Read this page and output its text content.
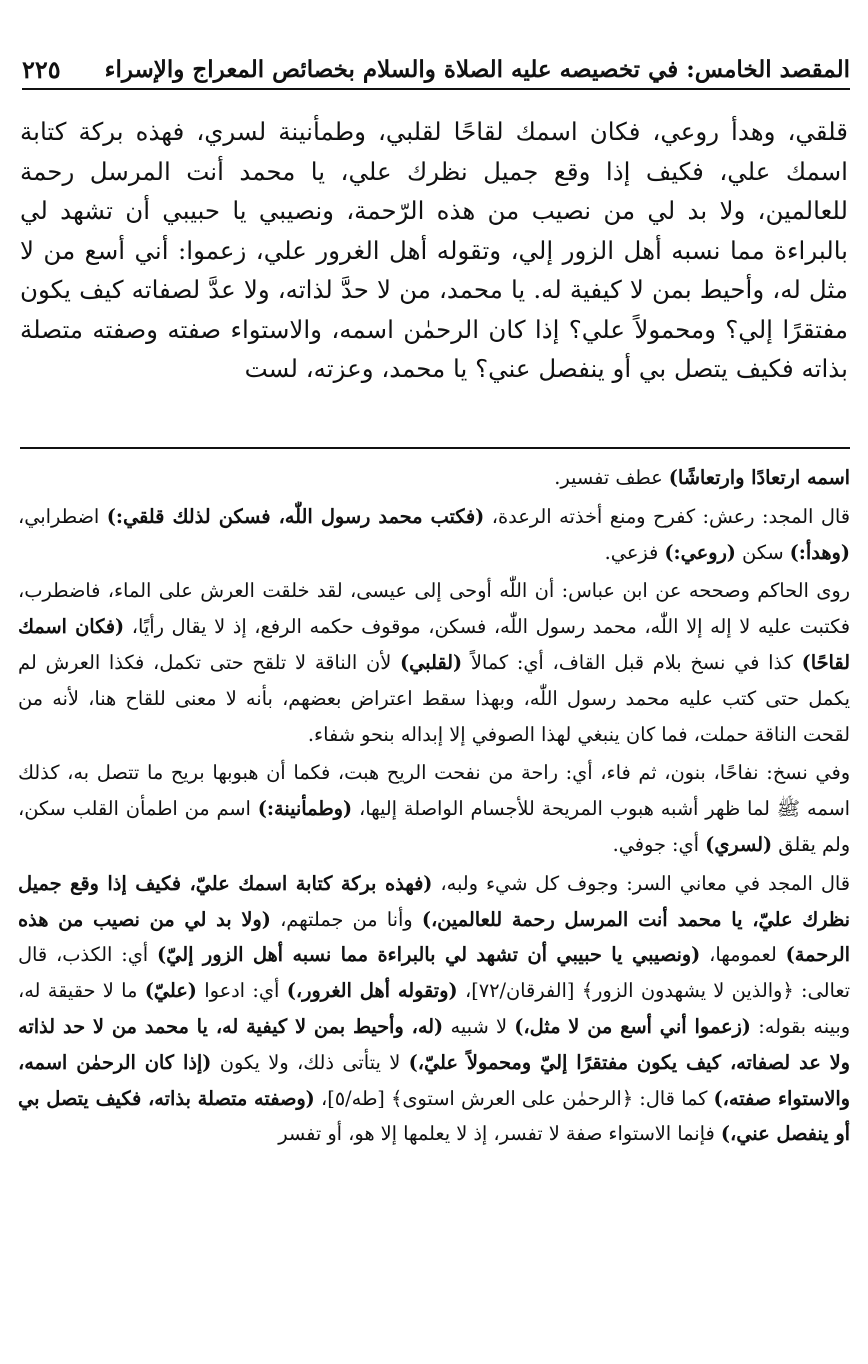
المقصد الخامس: في تخصيصه عليه الصلاة والسلام بخصائص المعراج والإسراء
٢٢٥

قلقي، وهدأ روعي، فكان اسمك لقاحًا لقلبي، وطمأنينة لسري، فهذه بركة كتابة اسمك علي، فكيف إذا وقع جميل نظرك علي، يا محمد أنت المرسل رحمة للعالمين، ولا بد لي من نصيب من هذه الرّحمة، ونصيبي يا حبيبي أن تشهد لي بالبراءة مما نسبه أهل الزور إلي، وتقوله أهل الغرور علي، زعموا: أني أسع من لا مثل له، وأحيط بمن لا كيفية له. يا محمد، من لا حدَّ لذاته، ولا عدَّ لصفاته كيف يكون مفتقرًا إلي؟ ومحمولاً علي؟ إذا كان الرحمٰن اسمه، والاستواء صفته وصفته متصلة بذاته فكيف يتصل بي أو ينفصل عني؟ يا محمد، وعزته، لست

اسمه ارتعادًا وارتعاشًا) عطف تفسير.

قال المجد: رعش: كفرح ومنع أخذته الرعدة، (فكتب محمد رسول اللّٰه، فسكن لذلك قلقي:) اضطرابي، (وهدأ:) سكن (روعي:) فزعي.

روى الحاكم وصححه عن ابن عباس: أن اللّٰه أوحى إلى عيسى، لقد خلقت العرش على الماء، فاضطرب، فكتبت عليه لا إله إلا اللّٰه، محمد رسول اللّٰه، فسكن، موقوف حكمه الرفع، إذ لا يقال رأيًا، (فكان اسمك لقاحًا) كذا في نسخ بلام قبل القاف، أي: كمالاً (لقلبي) لأن الناقة لا تلقح حتى تكمل، فكذا العرش لم يكمل حتى كتب عليه محمد رسول اللّٰه، وبهذا سقط اعتراض بعضهم، بأنه لا معنى للقاح هنا، لأنه من لقحت الناقة حملت، فما كان ينبغي لهذا الصوفي إلا إبداله بنحو شفاء.

وفي نسخ: نفاحًا، بنون، ثم فاء، أي: راحة من نفحت الريح هبت، فكما أن هبوبها بريح ما تتصل به، كذلك اسمه ﷺ لما ظهر أشبه هبوب المريحة للأجسام الواصلة إليها، (وطمأنينة:) اسم من اطمأن القلب سكن، ولم يقلق (لسري) أي: جوفي.

قال المجد في معاني السر: وجوف كل شيء ولبه، (فهذه بركة كتابة اسمك عليّ، فكيف إذا وقع جميل نظرك عليّ، يا محمد أنت المرسل رحمة للعالمين،) وأنا من جملتهم، (ولا بد لي من نصيب من هذه الرحمة) لعمومها، (ونصيبي يا حبيبي أن تشهد لي بالبراءة مما نسبه أهل الزور إليّ) أي: الكذب، قال تعالى: ﴿والذين لا يشهدون الزور﴾ [الفرقان/٧٢]، (وتقوله أهل الغرور،) أي: ادعوا (عليّ) ما لا حقيقة له، وبينه بقوله: (زعموا أني أسع من لا مثل،) لا شبيه (له، وأحيط بمن لا كيفية له، يا محمد من لا حد لذاته ولا عد لصفاته، كيف يكون مفتقرًا إليّ ومحمولاً عليّ،) لا يتأتى ذلك، ولا يكون (إذا كان الرحمٰن اسمه، والاستواء صفته،) كما قال: ﴿الرحمٰن على العرش استوى﴾ [طه/٥]، (وصفته متصلة بذاته، فكيف يتصل بي أو ينفصل عني،) فإنما الاستواء صفة لا تفسر، إذ لا يعلمها إلا هو، أو تفسر
